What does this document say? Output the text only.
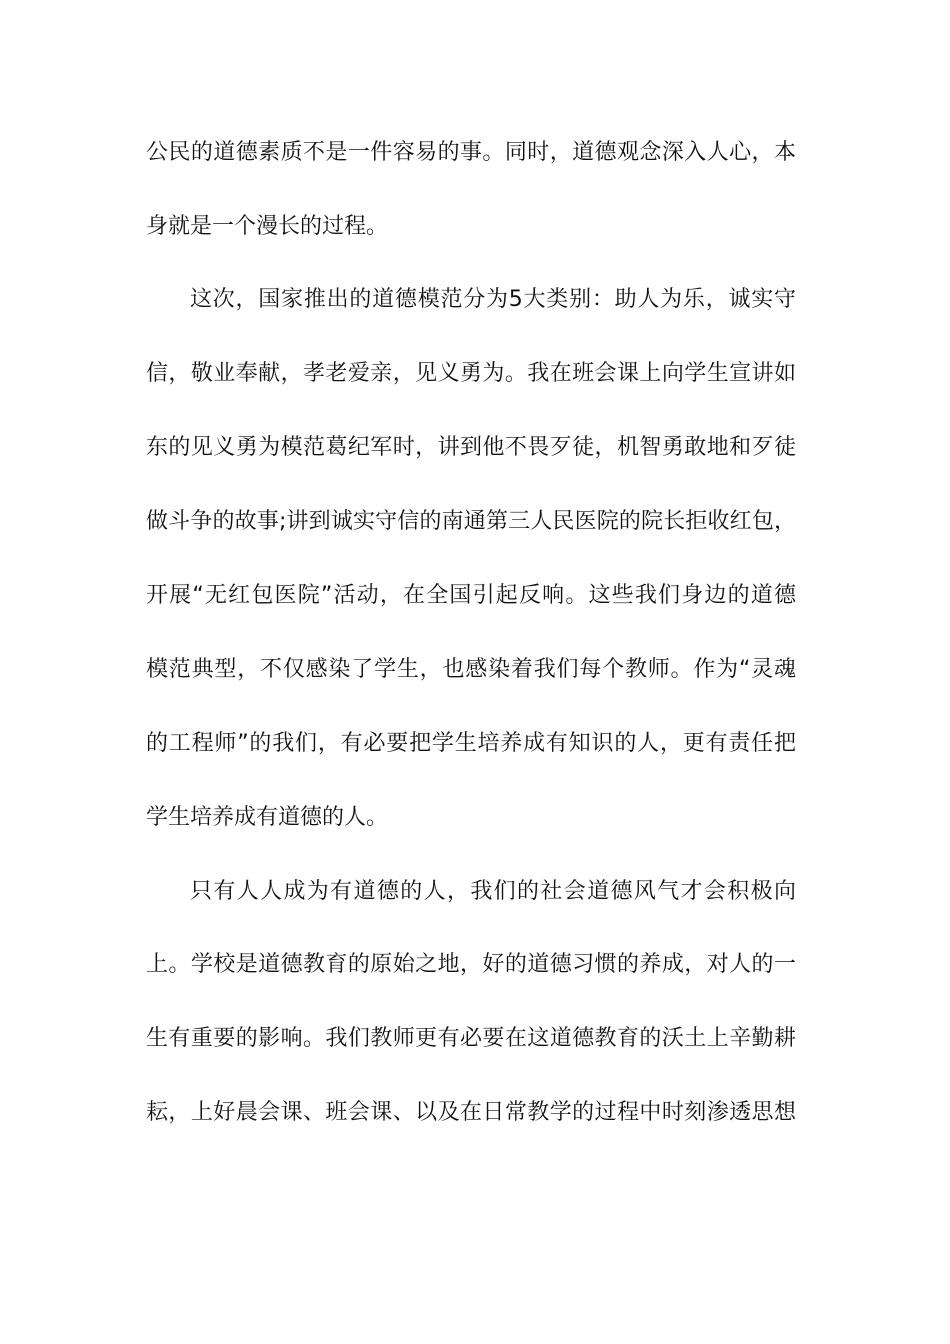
公民的道德素质不是一件容易的事。同时，道德观念深入人心，本
身就是一个漫长的过程。
这次，国家推出的道德模范分为5大类别：助人为乐，诚实守
信，敬业奉献，孝老爱亲，见义勇为。我在班会课上向学生宣讲如
东的见义勇为模范葛纪军时，讲到他不畏歹徒，机智勇敢地和歹徒
做斗争的故事;讲到诚实守信的南通第三人民医院的院长拒收红包，
开展“无红包医院”活动，在全国引起反响。这些我们身边的道德
模范典型，不仅感染了学生，也感染着我们每个教师。作为“灵魂
的工程师”的我们，有必要把学生培养成有知识的人，更有责任把
学生培养成有道德的人。
只有人人成为有道德的人，我们的社会道德风气才会积极向
上。学校是道德教育的原始之地，好的道德习惯的养成，对人的一
生有重要的影响。我们教师更有必要在这道德教育的沃土上辛勤耕
耘，上好晨会课、班会课、以及在日常教学的过程中时刻渗透思想
